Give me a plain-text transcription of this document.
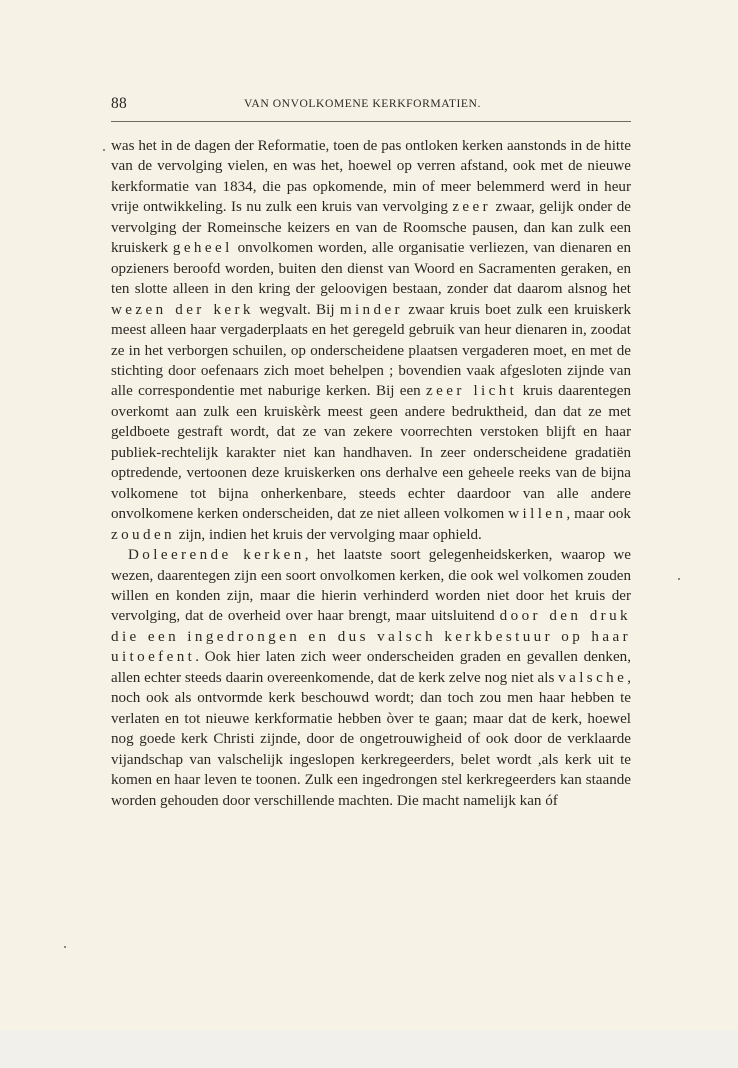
88	VAN ONVOLKOMENE KERKFORMATIEN.

was het in de dagen der Reformatie, toen de pas ontloken kerken aanstonds in de hitte van de vervolging vielen, en was het, hoewel op verren afstand, ook met de nieuwe kerkformatie van 1834, die pas opkomende, min of meer belemmerd werd in heur vrije ontwikkeling. Is nu zulk een kruis van vervolging zeer zwaar, gelijk onder de vervolging der Romeinsche keizers en van de Roomsche pausen, dan kan zulk een kruiskerk geheel onvolkomen worden, alle organisatie verliezen, van dienaren en opzieners beroofd worden, buiten den dienst van Woord en Sacramenten geraken, en ten slotte alleen in den kring der geloovigen bestaan, zonder dat daarom alsnog het wezen der kerk wegvalt. Bij minder zwaar kruis boet zulk een kruiskerk meest alleen haar vergaderplaats en het geregeld gebruik van heur dienaren in, zoodat ze in het verborgen schuilen, op onderscheidene plaatsen vergaderen moet, en met de stichting door oefenaars zich moet behelpen ; bovendien vaak afgesloten zijnde van alle correspondentie met naburige kerken. Bij een zeer licht kruis daarentegen overkomt aan zulk een kruiskèrk meest geen andere bedruktheid, dan dat ze met geldboete gestraft wordt, dat ze van zekere voorrechten verstoken blijft en haar publiek-rechtelijk karakter niet kan handhaven. In zeer onderscheidene gradatiën optredende, vertoonen deze kruiskerken ons derhalve een geheele reeks van de bijna volkomene tot bijna onherkenbare, steeds echter daardoor van alle andere onvolkomene kerken onderscheiden, dat ze niet alleen volkomen willen, maar ook zouden zijn, indien het kruis der vervolging maar ophield.

Doleerende kerken, het laatste soort gelegenheidskerken, waarop we wezen, daarentegen zijn een soort onvolkomen kerken, die ook wel volkomen zouden willen en konden zijn, maar die hierin verhinderd worden niet door het kruis der vervolging, dat de overheid over haar brengt, maar uitsluitend door den druk die een ingedrongen en dus valsch kerkbestuur op haar uitoefent. Ook hier laten zich weer onderscheiden graden en gevallen denken, allen echter steeds daarin overeenkomende, dat de kerk zelve nog niet als valsche, noch ook als ontvormde kerk beschouwd wordt; dan toch zou men haar hebben te verlaten en tot nieuwe kerkformatie hebben òver te gaan; maar dat de kerk, hoewel nog goede kerk Christi zijnde, door de ongetrouwigheid of ook door de verklaarde vijandschap van valschelijk ingeslopen kerkregeerders, belet wordt ,als kerk uit te komen en haar leven te toonen. Zulk een ingedrongen stel kerkregeerders kan staande worden gehouden door verschillende machten. Die macht namelijk kan óf
